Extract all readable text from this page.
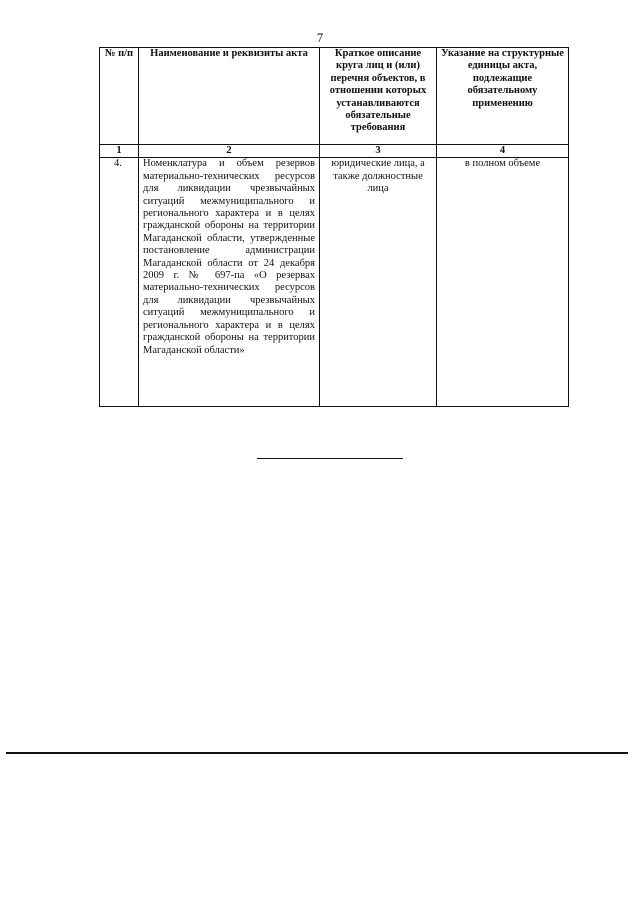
7
№ п/п	Наименование и реквизиты акта	Краткое описание круга лиц и (или) перечня объектов, в отношении которых устанавливаются обязательные требования	Указание на структурные единицы акта, подлежащие обязательному применению
1	2	3	4
4.	Номенклатура и объем резервов материально-технических ресурсов для ликвидации чрезвычайных ситуаций межмуниципального и регионального характера и в целях гражданской обороны на территории Магаданской области, утвержденные постановление администрации Магаданской области от 24 декабря 2009 г. № 697-па «О резервах материально-технических ресурсов для ликвидации чрезвычайных ситуаций межмуниципального и регионального характера и в целях гражданской обороны на территории Магаданской области»	юридические лица, а также должностные лица	в полном объеме
